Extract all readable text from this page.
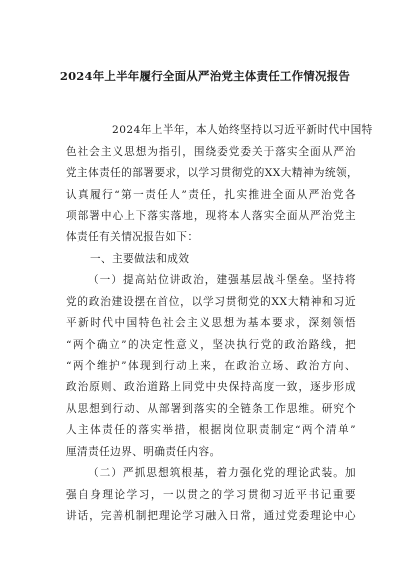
2024年上半年履行全面从严治党主体责任工作情况报告
2024年上半年，本人始终坚持以习近平新时代中国特
色社会主义思想为指引，围绕委党委关于落实全面从严治
党主体责任的部署要求，以学习贯彻党的XX大精神为统领，
认真履行“第一责任人”责任，扎实推进全面从严治党各
项部署中心上下落实落地，现将本人落实全面从严治党主
体责任有关情况报告如下：
一、主要做法和成效
（一）提高站位讲政治，建强基层战斗堡垒。坚持将
党的政治建设摆在首位，以学习贯彻党的XX大精神和习近
平新时代中国特色社会主义思想为基本要求，深刻领悟
“两个确立”的决定性意义，坚决执行党的政治路线，把
“两个维护”体现到行动上来，在政治立场、政治方向、
政治原则、政治道路上同党中央保持高度一致，逐步形成
从思想到行动、从部署到落实的全链条工作思维。研究个
人主体责任的落实举措，根据岗位职责制定“两个清单”
厘清责任边界、明确责任内容。
（二）严抓思想筑根基，着力强化党的理论武装。加
强自身理论学习，一以贯之的学习贯彻习近平书记重要
讲话，完善机制把理论学习融入日常，通过党委理论中心
